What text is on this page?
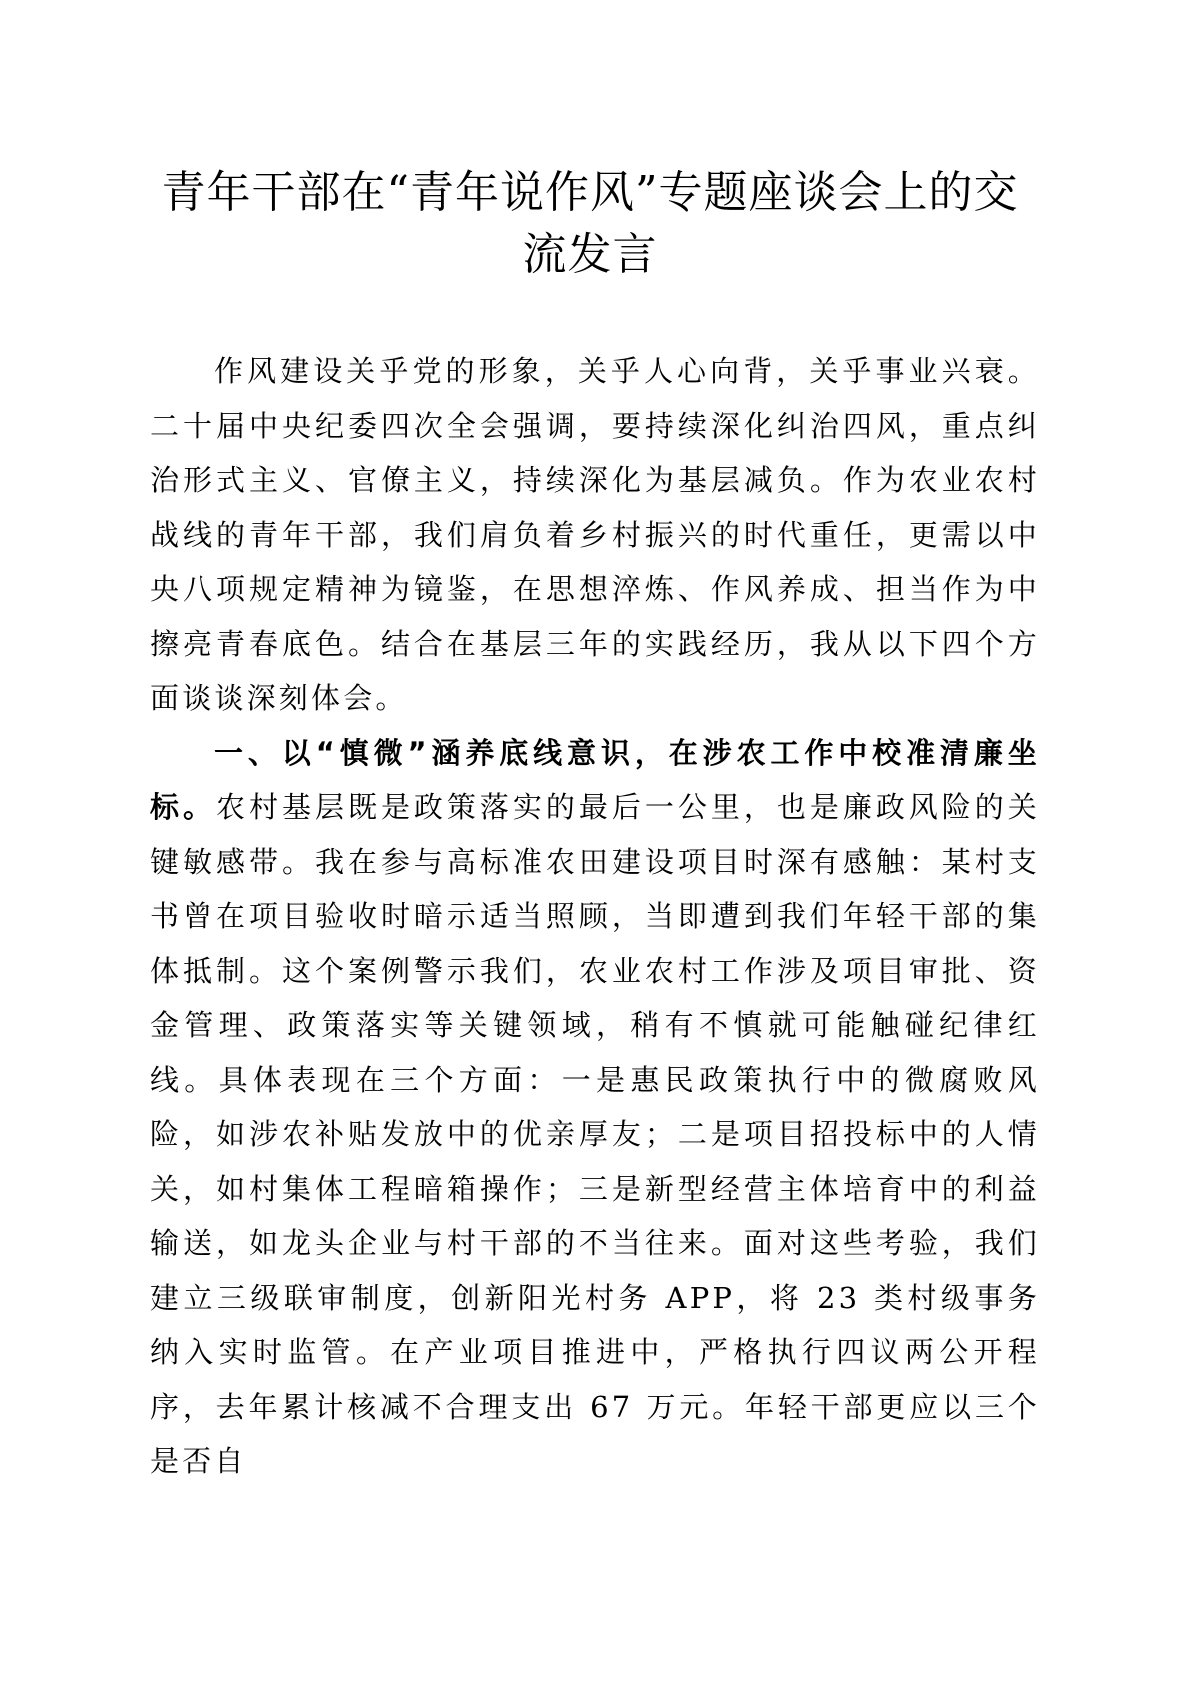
青年干部在“青年说作风”专题座谈会上的交流发言

作风建设关乎党的形象，关乎人心向背，关乎事业兴衰。二十届中央纪委四次全会强调，要持续深化纠治四风，重点纠治形式主义、官僚主义，持续深化为基层减负。作为农业农村战线的青年干部，我们肩负着乡村振兴的时代重任，更需以中央八项规定精神为镜鉴，在思想淬炼、作风养成、担当作为中擦亮青春底色。结合在基层三年的实践经历，我从以下四个方面谈谈深刻体会。

一、以“慎微”涵养底线意识，在涉农工作中校准清廉坐标。农村基层既是政策落实的最后一公里，也是廉政风险的关键敏感带。我在参与高标准农田建设项目时深有感触：某村支书曾在项目验收时暗示适当照顾，当即遭到我们年轻干部的集体抵制。这个案例警示我们，农业农村工作涉及项目审批、资金管理、政策落实等关键领域，稍有不慎就可能触碰纪律红线。具体表现在三个方面：一是惠民政策执行中的微腐败风险，如涉农补贴发放中的优亲厚友；二是项目招投标中的人情关，如村集体工程暗箱操作；三是新型经营主体培育中的利益输送，如龙头企业与村干部的不当往来。面对这些考验，我们建立三级联审制度，创新阳光村务 APP，将 23 类村级事务纳入实时监管。在产业项目推进中，严格执行四议两公开程序，去年累计核减不合理支出 67 万元。年轻干部更应以三个是否自
